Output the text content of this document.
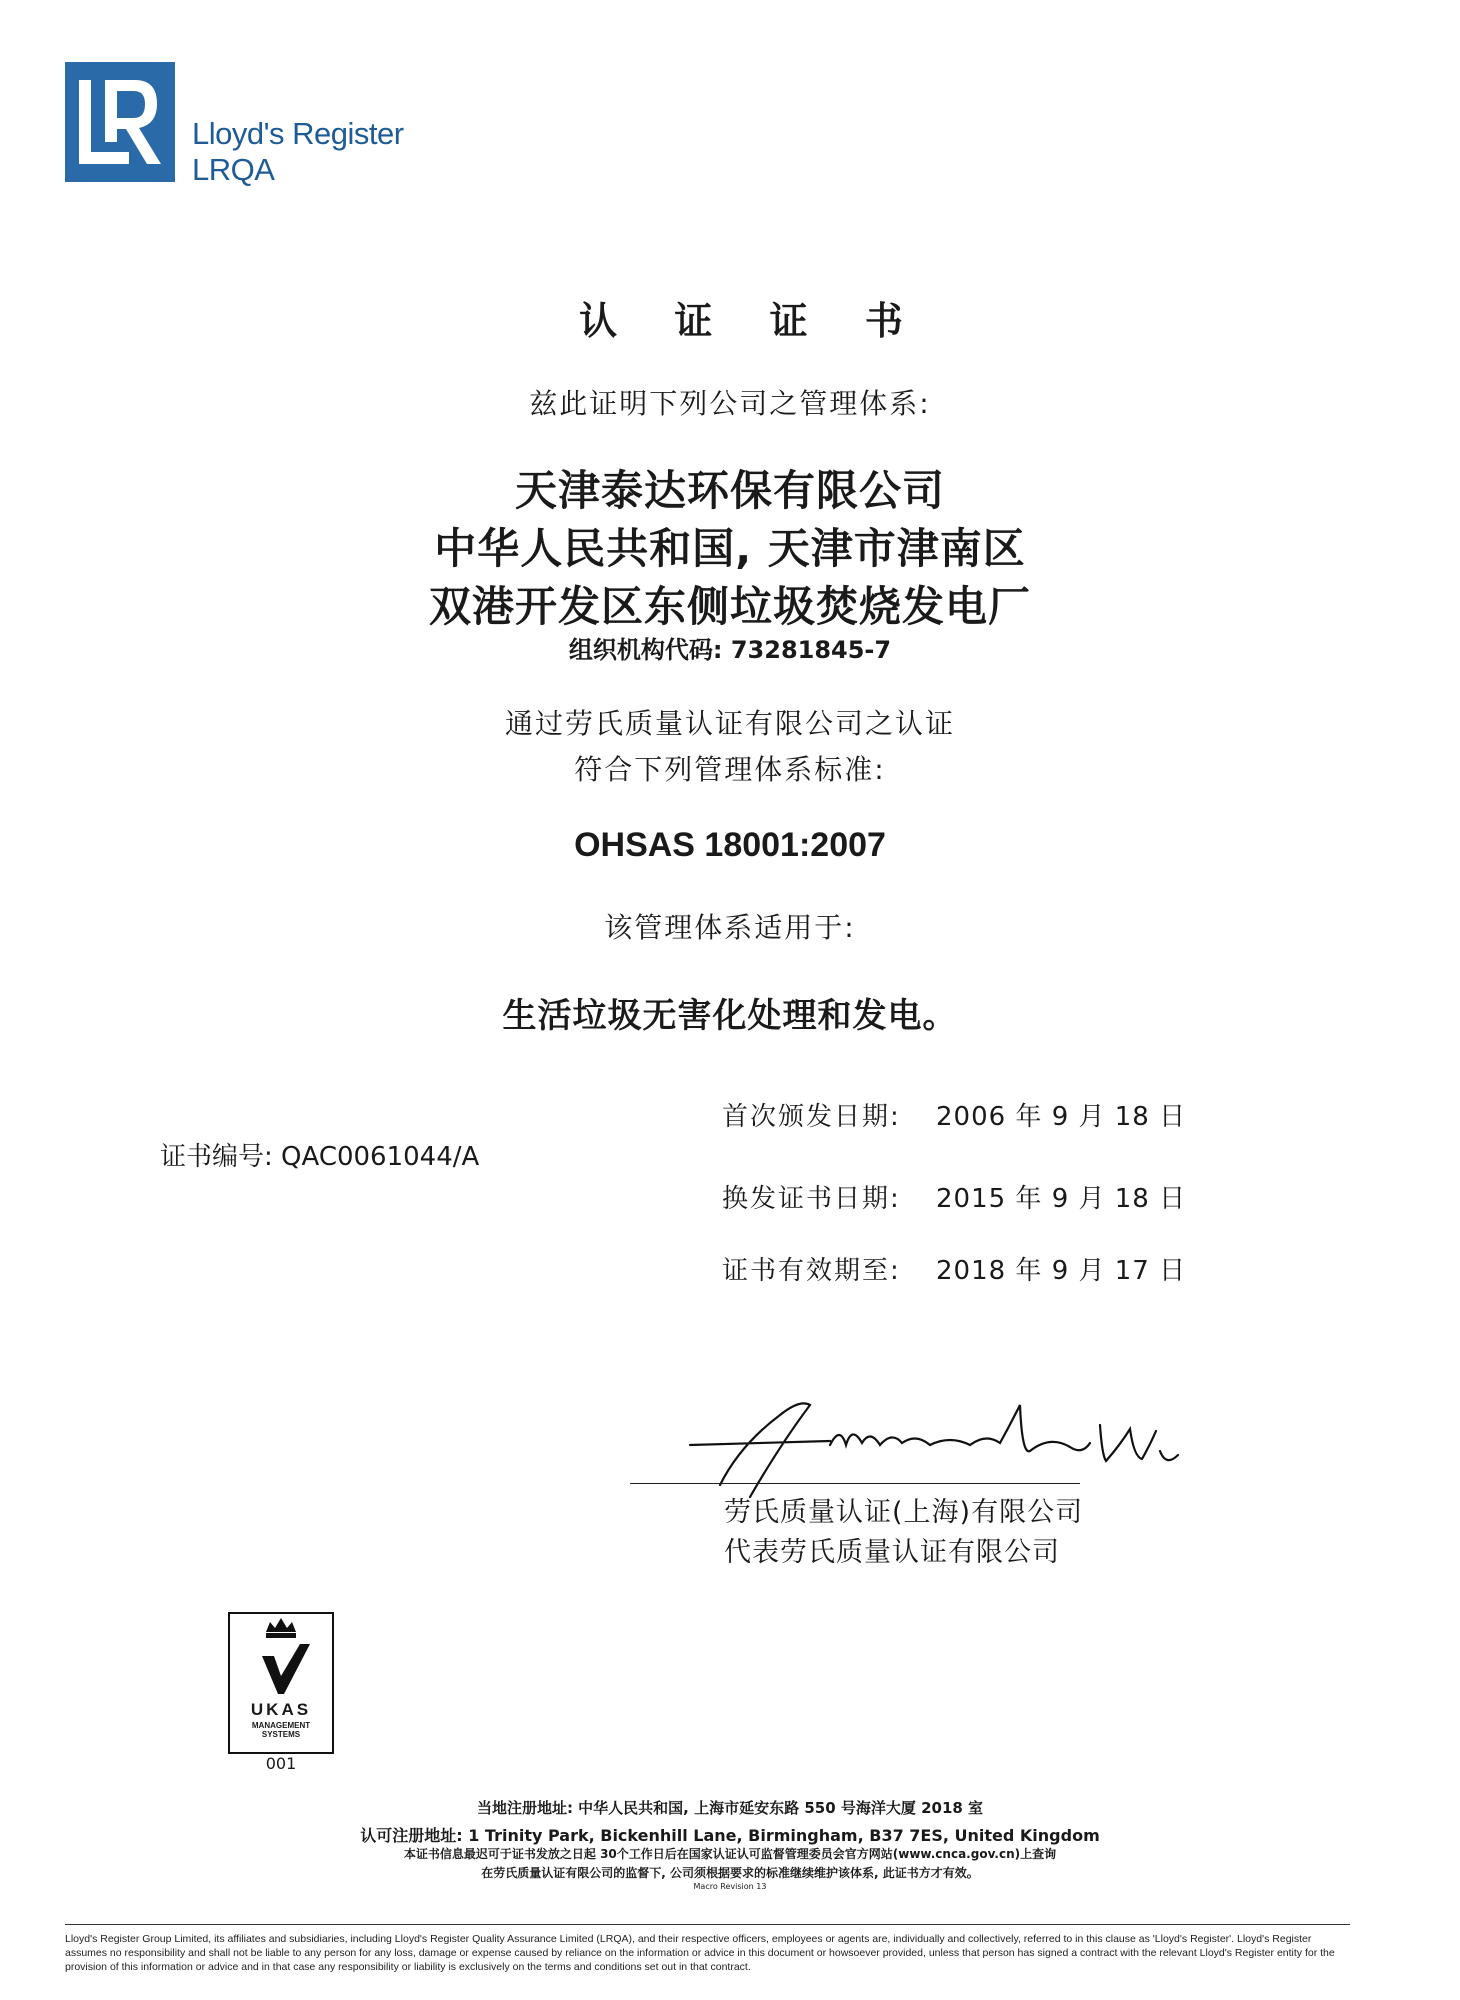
Lloyd's Register
LRQA
认 证 证 书
兹此证明下列公司之管理体系:
天津泰达环保有限公司
中华人民共和国, 天津市津南区
双港开发区东侧垃圾焚烧发电厂
组织机构代码: 73281845-7
通过劳氏质量认证有限公司之认证
符合下列管理体系标准:
OHSAS 18001:2007
该管理体系适用于:
生活垃圾无害化处理和发电。
首次颁发日期: 2006 年 9 月 18 日
证书编号: QAC0061044/A
换发证书日期: 2015 年 9 月 18 日
证书有效期至: 2018 年 9 月 17 日
劳氏质量认证(上海)有限公司
代表劳氏质量认证有限公司
UKAS
MANAGEMENT
SYSTEMS
001
当地注册地址: 中华人民共和国, 上海市延安东路 550 号海洋大厦 2018 室
认可注册地址: 1 Trinity Park, Bickenhill Lane, Birmingham, B37 7ES, United Kingdom
本证书信息最迟可于证书发放之日起 30个工作日后在国家认证认可监督管理委员会官方网站(www.cnca.gov.cn)上查询
在劳氏质量认证有限公司的监督下, 公司须根据要求的标准继续维护该体系, 此证书方才有效。
Macro Revision 13
Lloyd's Register Group Limited, its affiliates and subsidiaries, including Lloyd's Register Quality Assurance Limited (LRQA), and their respective officers, employees or agents are, individually and collectively, referred to in this clause as 'Lloyd's Register'. Lloyd's Register assumes no responsibility and shall not be liable to any person for any loss, damage or expense caused by reliance on the information or advice in this document or howsoever provided, unless that person has signed a contract with the relevant Lloyd's Register entity for the provision of this information or advice and in that case any responsibility or liability is exclusively on the terms and conditions set out in that contract.
